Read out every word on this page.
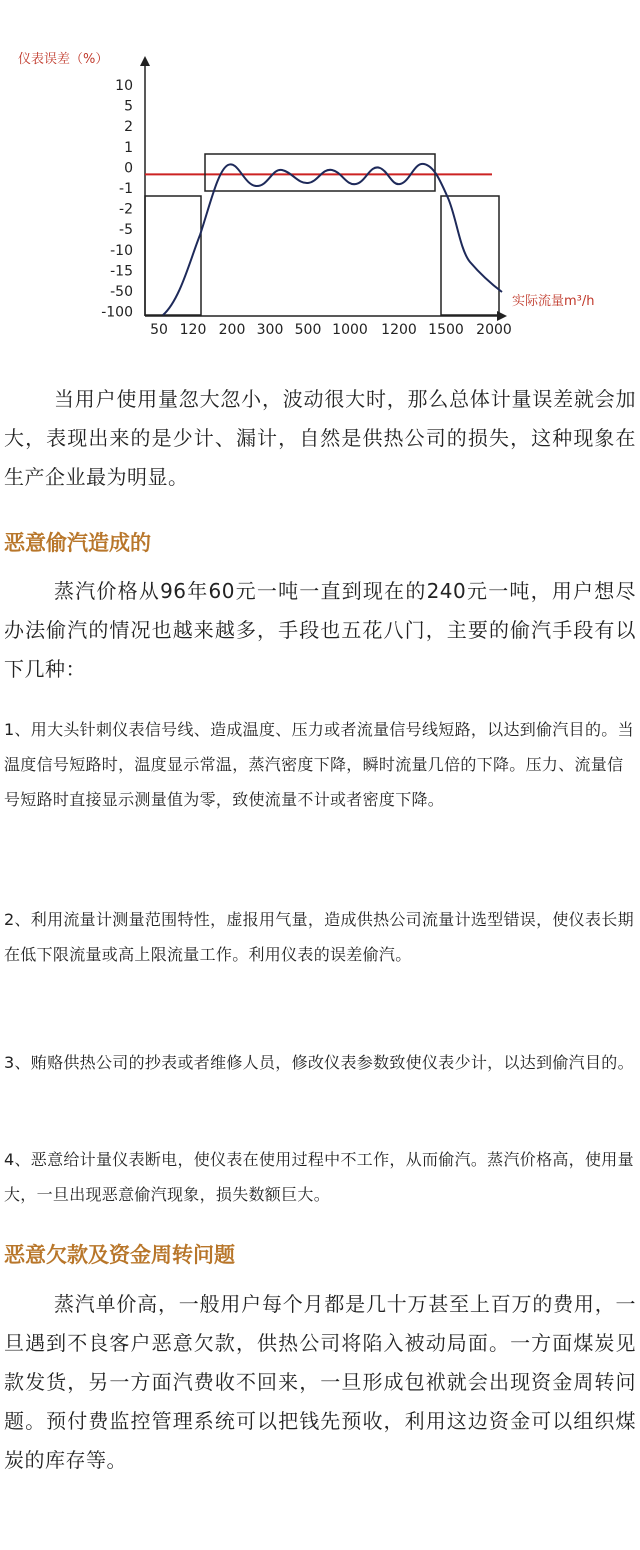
仪表误差（%）
实际流量m³/h
10
5
2
1
0
-1
-2
-5
-10
-15
-50
-100
50 120 200 300 500 1000 1200 1500 2000
当用户使用量忽大忽小，波动很大时，那么总体计量误差就会加大，表现出来的是少计、漏计，自然是供热公司的损失，这种现象在生产企业最为明显。
恶意偷汽造成的
蒸汽价格从96年60元一吨一直到现在的240元一吨，用户想尽办法偷汽的情况也越来越多，手段也五花八门，主要的偷汽手段有以下几种：
1、用大头针刺仪表信号线、造成温度、压力或者流量信号线短路，以达到偷汽目的。当温度信号短路时，温度显示常温，蒸汽密度下降，瞬时流量几倍的下降。压力、流量信号短路时直接显示测量值为零，致使流量不计或者密度下降。
2、利用流量计测量范围特性，虚报用气量，造成供热公司流量计选型错误，使仪表长期在低下限流量或高上限流量工作。利用仪表的误差偷汽。
3、贿赂供热公司的抄表或者维修人员，修改仪表参数致使仪表少计，以达到偷汽目的。
4、恶意给计量仪表断电，使仪表在使用过程中不工作，从而偷汽。蒸汽价格高，使用量大，一旦出现恶意偷汽现象，损失数额巨大。
恶意欠款及资金周转问题
蒸汽单价高，一般用户每个月都是几十万甚至上百万的费用，一旦遇到不良客户恶意欠款，供热公司将陷入被动局面。一方面煤炭见款发货，另一方面汽费收不回来，一旦形成包袱就会出现资金周转问题。预付费监控管理系统可以把钱先预收，利用这边资金可以组织煤炭的库存等。
